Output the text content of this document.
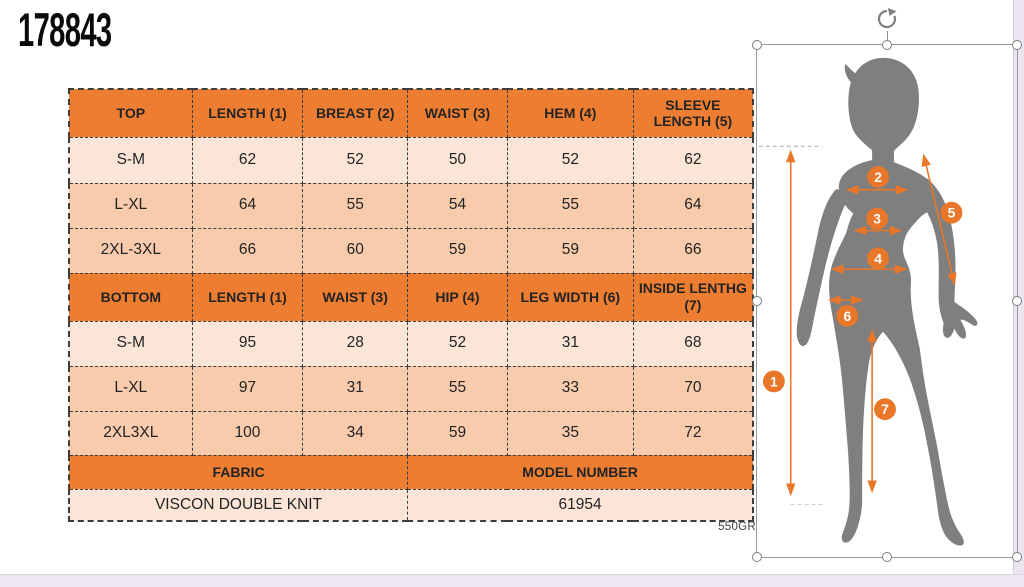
178843
TOP	LENGTH (1)	BREAST (2)	WAIST (3)	HEM (4)	SLEEVE LENGTH (5)
S-M	62	52	50	52	62
L-XL	64	55	54	55	64
2XL-3XL	66	60	59	59	66
BOTTOM	LENGTH (1)	WAIST (3)	HIP (4)	LEG WIDTH (6)	INSIDE LENTHG (7)
S-M	95	28	52	31	68
L-XL	97	31	55	33	70
2XL3XL	100	34	59	35	72
FABRIC			MODEL NUMBER		
VISCON DOUBLE KNIT			61954		
550GR
1
2
3
4
5
6
7
